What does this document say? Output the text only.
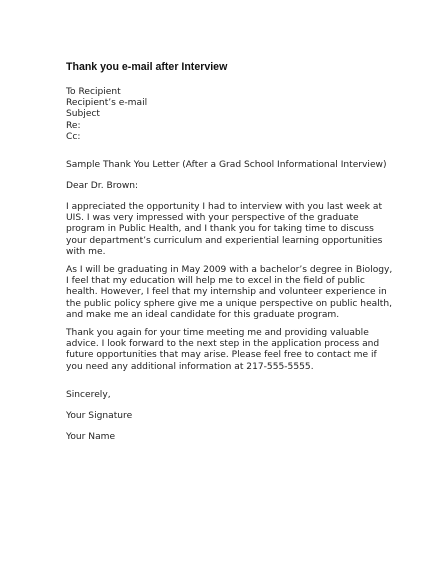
Thank you e-mail after Interview
To Recipient
Recipient’s e-mail
Subject
Re:
Cc:
Sample Thank You Letter (After a Grad School Informational Interview)
Dear Dr. Brown:
I appreciated the opportunity I had to interview with you last week at
UIS. I was very impressed with your perspective of the graduate
program in Public Health, and I thank you for taking time to discuss
your department’s curriculum and experiential learning opportunities
with me.
As I will be graduating in May 2009 with a bachelor’s degree in Biology,
I feel that my education will help me to excel in the field of public
health. However, I feel that my internship and volunteer experience in
the public policy sphere give me a unique perspective on public health,
and make me an ideal candidate for this graduate program.
Thank you again for your time meeting me and providing valuable
advice. I look forward to the next step in the application process and
future opportunities that may arise. Please feel free to contact me if
you need any additional information at 217-555-5555.
Sincerely,
Your Signature
Your Name
